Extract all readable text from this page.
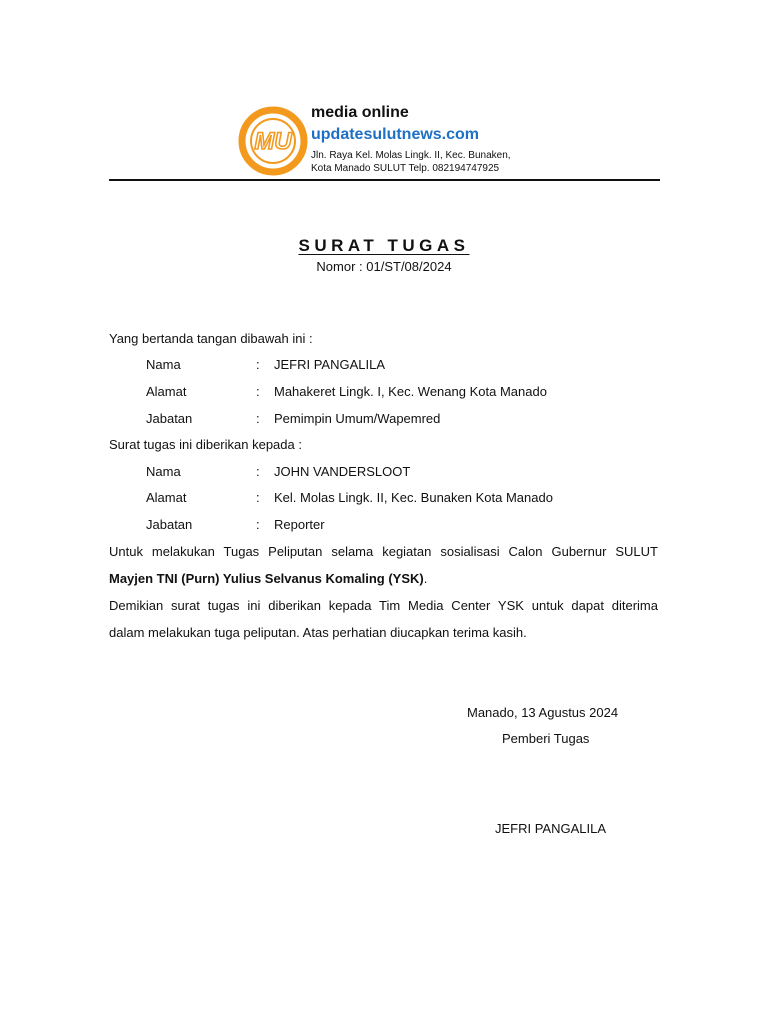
MU
media online
updatesulutnews.com
Jln. Raya Kel. Molas Lingk. II, Kec. Bunaken,
Kota Manado SULUT Telp. 082194747925
SURAT TUGAS
Nomor : 01/ST/08/2024
Yang bertanda tangan dibawah ini :
Nama	: JEFRI PANGALILA
Alamat	: Mahakeret Lingk. I, Kec. Wenang Kota Manado
Jabatan	: Pemimpin Umum/Wapemred
Surat tugas ini diberikan kepada :
Nama	: JOHN VANDERSLOOT
Alamat	: Kel. Molas Lingk. II, Kec. Bunaken Kota Manado
Jabatan	: Reporter
Untuk melakukan Tugas Peliputan selama kegiatan sosialisasi Calon Gubernur SULUT
Mayjen TNI (Purn) Yulius Selvanus Komaling (YSK).
Demikian surat tugas ini diberikan kepada Tim Media Center YSK untuk dapat diterima
dalam melakukan tuga peliputan. Atas perhatian diucapkan terima kasih.
Manado, 13 Agustus 2024
Pemberi Tugas
JEFRI PANGALILA
